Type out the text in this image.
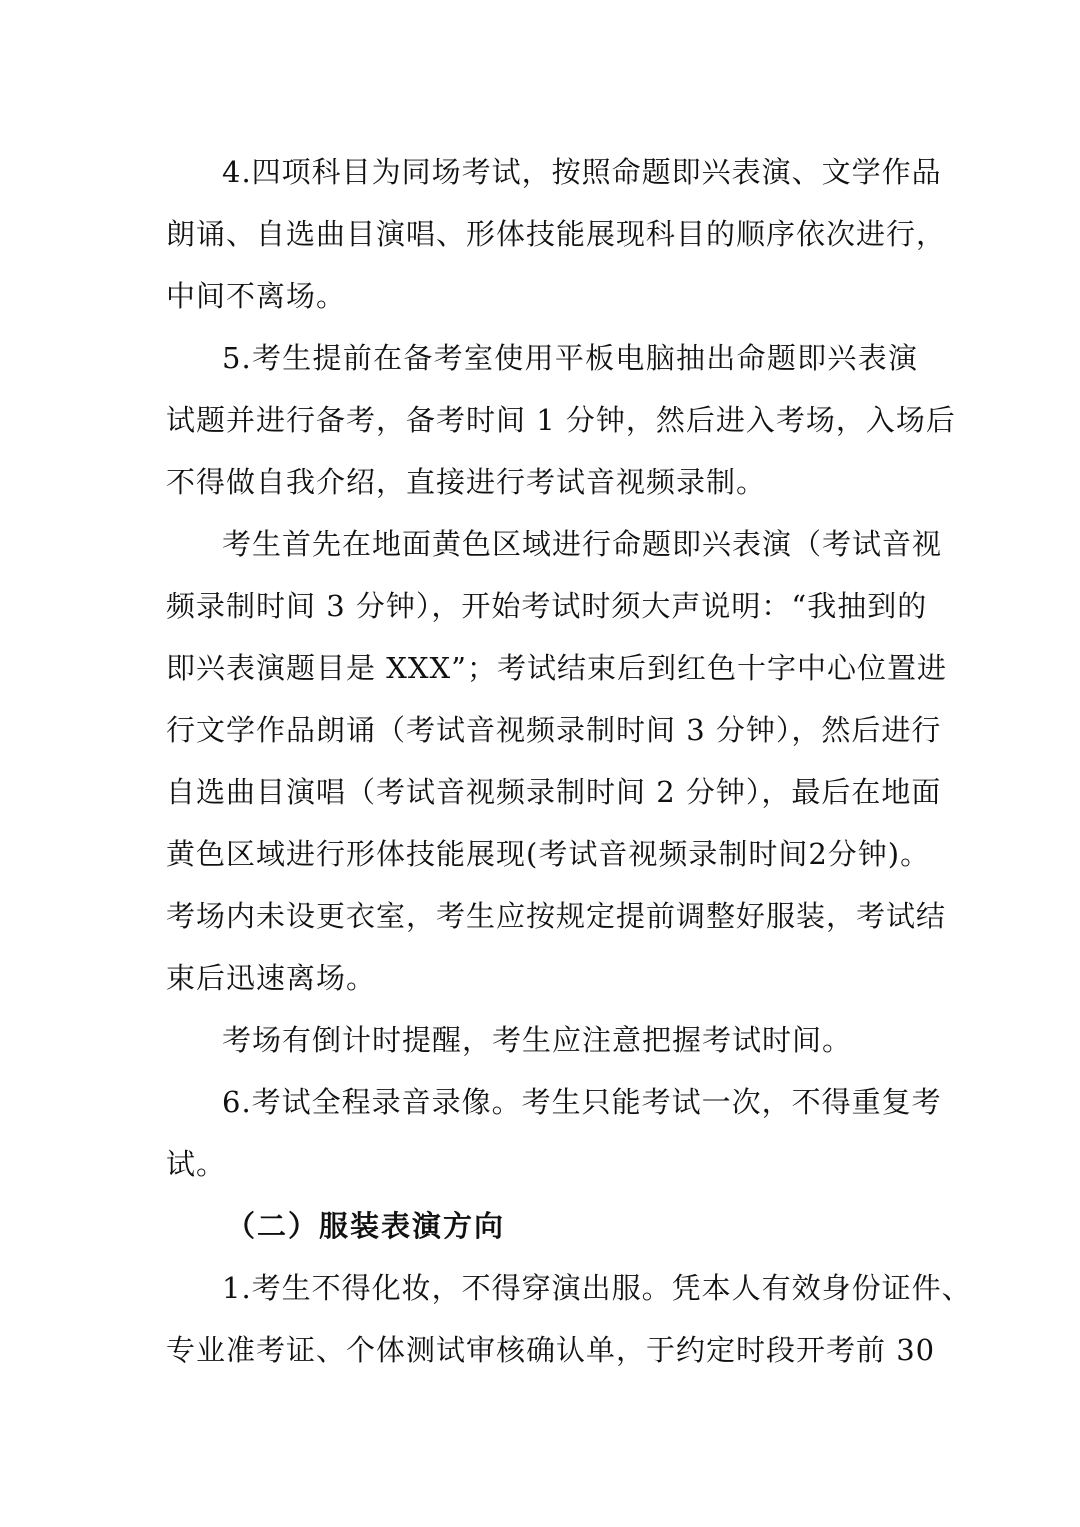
4.四项科目为同场考试，按照命题即兴表演、文学作品
朗诵、自选曲目演唱、形体技能展现科目的顺序依次进行，
中间不离场。
5.考生提前在备考室使用平板电脑抽出命题即兴表演
试题并进行备考，备考时间 1 分钟，然后进入考场，入场后
不得做自我介绍，直接进行考试音视频录制。
考生首先在地面黄色区域进行命题即兴表演（考试音视
频录制时间 3 分钟），开始考试时须大声说明：“我抽到的
即兴表演题目是 XXX”；考试结束后到红色十字中心位置进
行文学作品朗诵（考试音视频录制时间 3 分钟），然后进行
自选曲目演唱（考试音视频录制时间 2 分钟），最后在地面
黄色区域进行形体技能展现(考试音视频录制时间2分钟)。
考场内未设更衣室，考生应按规定提前调整好服装，考试结
束后迅速离场。
考场有倒计时提醒，考生应注意把握考试时间。
6.考试全程录音录像。考生只能考试一次，不得重复考
试。
（二）服装表演方向
1.考生不得化妆，不得穿演出服。凭本人有效身份证件、
专业准考证、个体测试审核确认单，于约定时段开考前 30
